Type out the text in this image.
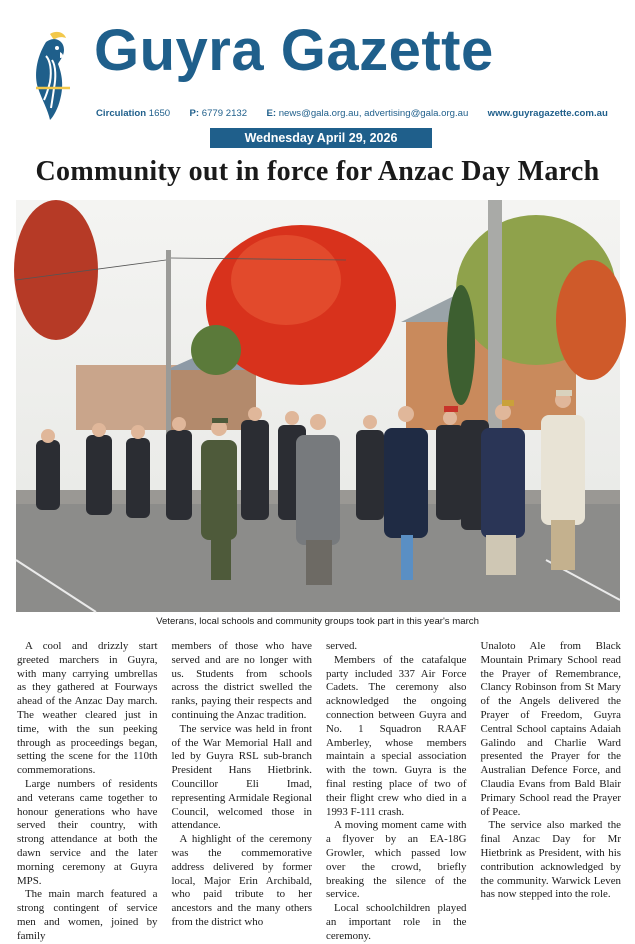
Guyra Gazette
Circulation 1650 P: 6779 2132 E: news@gala.org.au, advertising@gala.org.au www.guyragazette.com.au
Wednesday April 29, 2026
Community out in force for Anzac Day March
Veterans, local schools and community groups took part in this year's march

A cool and drizzly start greeted marchers in Guyra, with many carrying umbrellas as they gathered at Fourways ahead of the Anzac Day march. The weather cleared just in time, with the sun peeking through as proceedings began, setting the scene for the 110th commemorations.

Large numbers of residents and veterans came together to honour generations who have served their country, with strong attendance at both the dawn service and the later morning ceremony at Guyra MPS.

The main march featured a strong contingent of service men and women, joined by family

members of those who have served and are no longer with us. Students from schools across the district swelled the ranks, paying their respects and continuing the Anzac tradition.

The service was held in front of the War Memorial Hall and led by Guyra RSL sub-branch President Hans Hietbrink. Councillor Eli Imad, representing Armidale Regional Council, welcomed those in attendance.

A highlight of the ceremony was the commemorative address delivered by former local, Major Erin Archibald, who paid tribute to her ancestors and the many others from the district who

served.

Members of the catafalque party included 337 Air Force Cadets. The ceremony also acknowledged the ongoing connection between Guyra and No. 1 Squadron RAAF Amberley, whose members maintain a special association with the town. Guyra is the final resting place of two of their flight crew who died in a 1993 F-111 crash.

A moving moment came with a flyover by an EA-18G Growler, which passed low over the crowd, briefly breaking the silence of the service.

Local schoolchildren played an important role in the ceremony.

Unaloto Ale from Black Mountain Primary School read the Prayer of Remembrance, Clancy Robinson from St Mary of the Angels delivered the Prayer of Freedom, Guyra Central School captains Adaiah Galindo and Charlie Ward presented the Prayer for the Australian Defence Force, and Claudia Evans from Bald Blair Primary School read the Prayer of Peace.

The service also marked the final Anzac Day for Mr Hietbrink as President, with his contribution acknowledged by the community. Warwick Leven has now stepped into the role.
